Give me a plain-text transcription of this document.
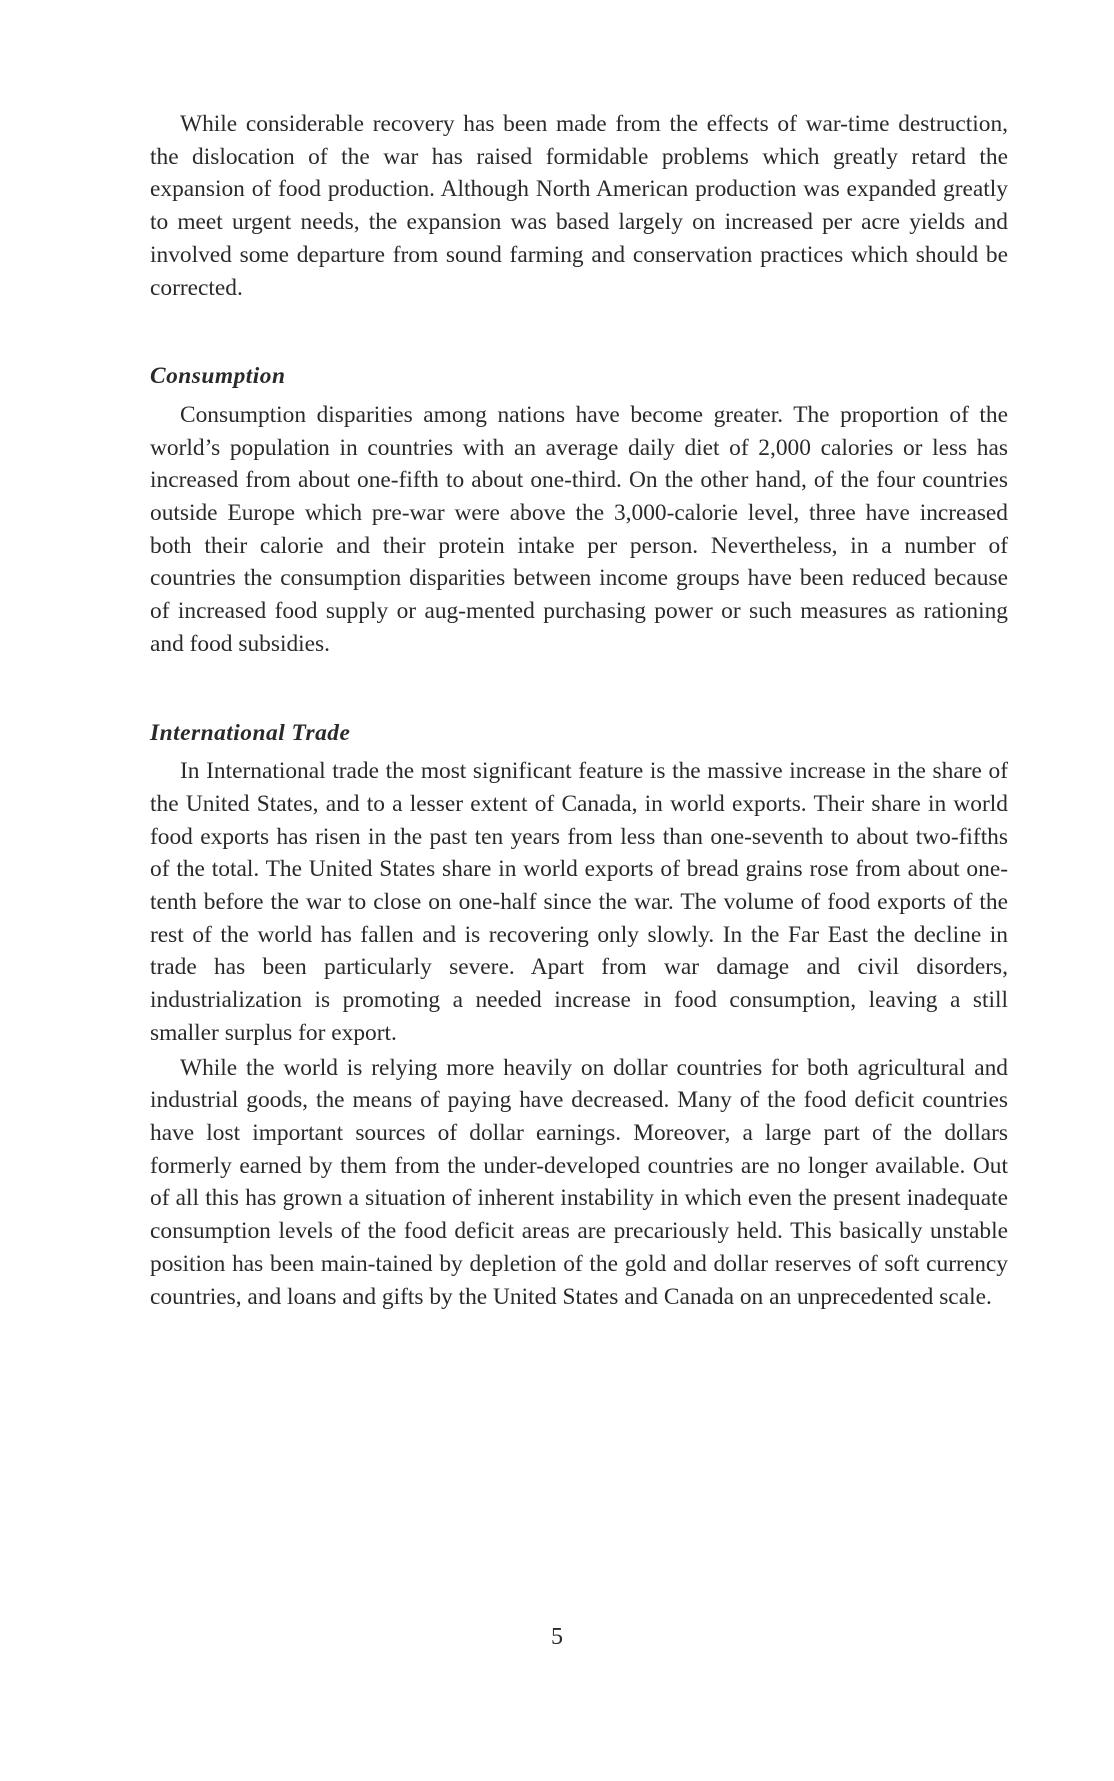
While considerable recovery has been made from the effects of war-time destruction, the dislocation of the war has raised formidable problems which greatly retard the expansion of food production. Although North American production was expanded greatly to meet urgent needs, the expansion was based largely on increased per acre yields and involved some departure from sound farming and conservation practices which should be corrected.

Consumption

Consumption disparities among nations have become greater. The proportion of the world’s population in countries with an average daily diet of 2,000 calories or less has increased from about one-fifth to about one-third. On the other hand, of the four countries outside Europe which pre-war were above the 3,000-calorie level, three have increased both their calorie and their protein intake per person. Nevertheless, in a number of countries the consumption disparities between income groups have been reduced because of increased food supply or aug-mented purchasing power or such measures as rationing and food subsidies.

International Trade

In International trade the most significant feature is the massive increase in the share of the United States, and to a lesser extent of Canada, in world exports. Their share in world food exports has risen in the past ten years from less than one-seventh to about two-fifths of the total. The United States share in world exports of bread grains rose from about one-tenth before the war to close on one-half since the war. The volume of food exports of the rest of the world has fallen and is recovering only slowly. In the Far East the decline in trade has been particularly severe. Apart from war damage and civil disorders, industrialization is promoting a needed increase in food consumption, leaving a still smaller surplus for export.

While the world is relying more heavily on dollar countries for both agricultural and industrial goods, the means of paying have decreased. Many of the food deficit countries have lost important sources of dollar earnings. Moreover, a large part of the dollars formerly earned by them from the under-developed countries are no longer available. Out of all this has grown a situation of inherent instability in which even the present inadequate consumption levels of the food deficit areas are precariously held. This basically unstable position has been main-tained by depletion of the gold and dollar reserves of soft currency countries, and loans and gifts by the United States and Canada on an unprecedented scale.

5
